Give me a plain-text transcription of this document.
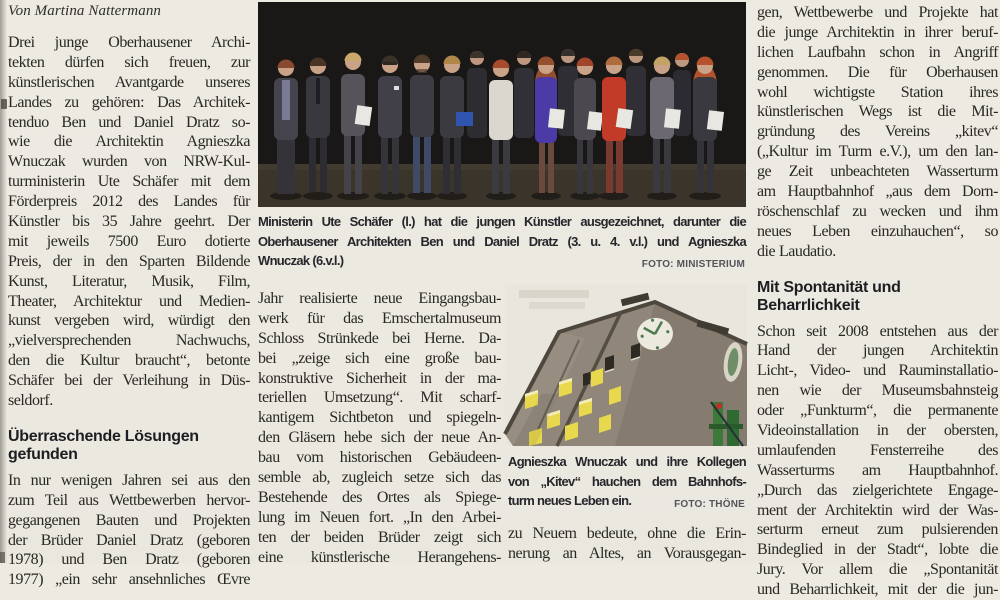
Von Martina Nattermann
Drei junge Oberhausener Archi-
tekten dürfen sich freuen, zur
künstlerischen Avantgarde unseres
Landes zu gehören: Das Architek-
tenduo Ben und Daniel Dratz so-
wie die Architektin Agnieszka
Wnuczak wurden von NRW-Kul-
turministerin Ute Schäfer mit dem
Förderpreis 2012 des Landes für
Künstler bis 35 Jahre geehrt. Der
mit jeweils 7500 Euro dotierte
Preis, der in den Sparten Bildende
Kunst, Literatur, Musik, Film,
Theater, Architektur und Medien-
kunst vergeben wird, würdigt den
„vielversprechenden Nachwuchs,
den die Kultur braucht“, betonte
Schäfer bei der Verleihung in Düs-
seldorf.
Überraschende Lösungen gefunden
In nur wenigen Jahren sei aus den
zum Teil aus Wettbewerben hervor-
gegangenen Bauten und Projekten
der Brüder Daniel Dratz (geboren
1978) und Ben Dratz (geboren
1977) „ein sehr ansehnliches Œvre
Ministerin Ute Schäfer (l.) hat die jungen Künstler ausgezeichnet, darunter die
Oberhausener Architekten Ben und Daniel Dratz (3. u. 4. v.l.) und Agnieszka
Wnuczak (6.v.l.)	FOTO: MINISTERIUM
Jahr realisierte neue Eingangsbau-
werk für das Emschertalmuseum
Schloss Strünkede bei Herne. Da-
bei „zeige sich eine große bau-
konstruktive Sicherheit in der ma-
teriellen Umsetzung“. Mit scharf-
kantigem Sichtbeton und spiegeln-
den Gläsern hebe sich der neue An-
bau vom historischen Gebäudeen-
semble ab, zugleich setze sich das
Bestehende des Ortes als Spiege-
lung im Neuen fort. „In den Arbei-
ten der beiden Brüder zeigt sich
eine künstlerische Herangehens-
Agnieszka Wnuczak und ihre Kollegen
von „Kitev“ hauchen dem Bahnhofs-
turm neues Leben ein.	FOTO: THÖNE
zu Neuem bedeute, ohne die Erin-
nerung an Altes, an Vorausgegan-
gen, Wettbewerbe und Projekte hat
die junge Architektin in ihrer beruf-
lichen Laufbahn schon in Angriff
genommen. Die für Oberhausen
wohl wichtigste Station ihres
künstlerischen Wegs ist die Mit-
gründung des Vereins „kitev“
(„Kultur im Turm e.V.), um den lan-
ge Zeit unbeachteten Wasserturm
am Hauptbahnhof „aus dem Dorn-
röschenschlaf zu wecken und ihm
neues Leben einzuhauchen“, so
die Laudatio.
Mit Spontanität und Beharrlichkeit
Schon seit 2008 entstehen aus der
Hand der jungen Architektin
Licht-, Video- und Rauminstallatio-
nen wie der Museumsbahnsteig
oder „Funkturm“, die permanente
Videoinstallation in der obersten,
umlaufenden Fensterreihe des
Wasserturms am Hauptbahnhof.
„Durch das zielgerichtete Engage-
ment der Architektin wird der Was-
serturm erneut zum pulsierenden
Bindeglied in der Stadt“, lobte die
Jury. Vor allem die „Spontanität
und Beharrlichkeit, mit der die jun-
